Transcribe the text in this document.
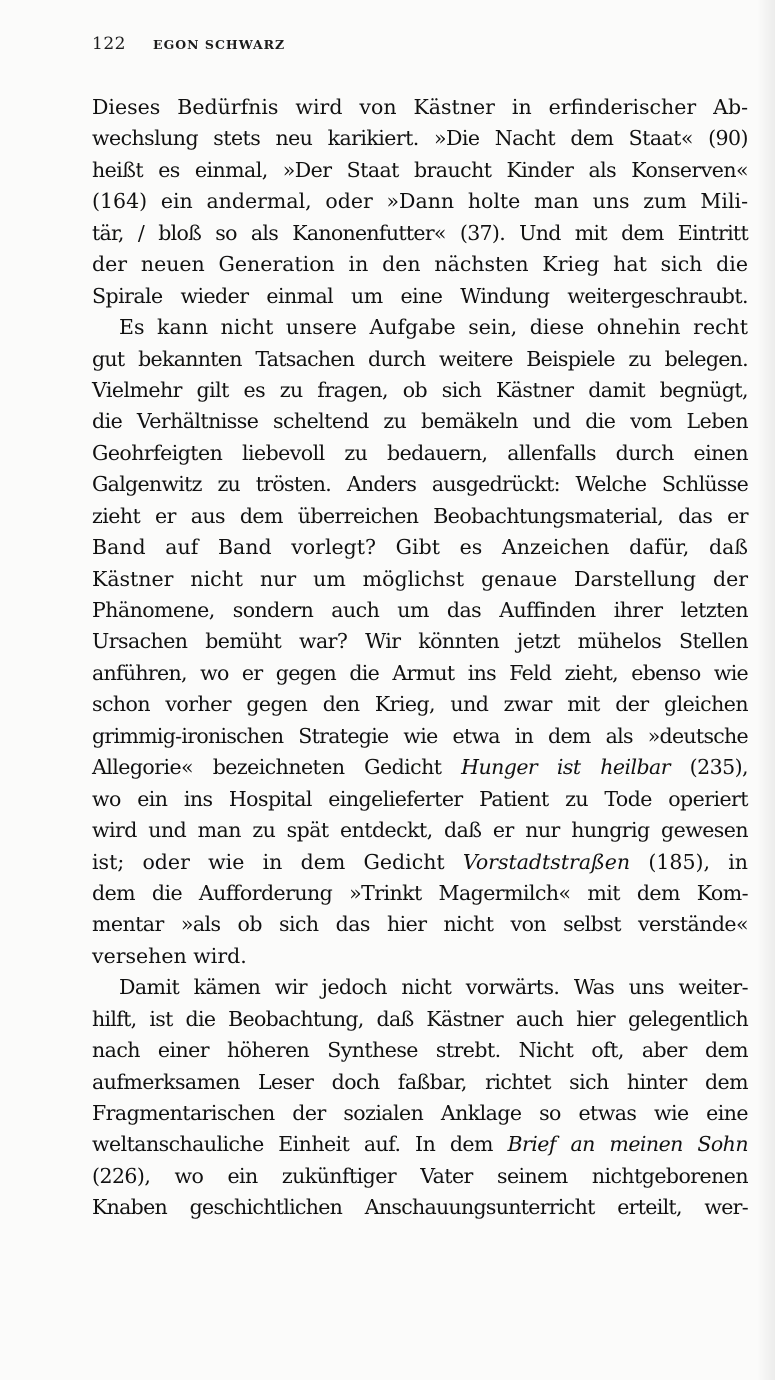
122 EGON SCHWARZ
Dieses Bedürfnis wird von Kästner in erfinderischer Ab-
wechslung stets neu karikiert. »Die Nacht dem Staat« (90)
heißt es einmal, »Der Staat braucht Kinder als Konserven«
(164) ein andermal, oder »Dann holte man uns zum Mili-
tär, / bloß so als Kanonenfutter« (37). Und mit dem Eintritt
der neuen Generation in den nächsten Krieg hat sich die
Spirale wieder einmal um eine Windung weitergeschraubt.
Es kann nicht unsere Aufgabe sein, diese ohnehin recht
gut bekannten Tatsachen durch weitere Beispiele zu belegen.
Vielmehr gilt es zu fragen, ob sich Kästner damit begnügt,
die Verhältnisse scheltend zu bemäkeln und die vom Leben
Geohrfeigten liebevoll zu bedauern, allenfalls durch einen
Galgenwitz zu trösten. Anders ausgedrückt: Welche Schlüsse
zieht er aus dem überreichen Beobachtungsmaterial, das er
Band auf Band vorlegt? Gibt es Anzeichen dafür, daß
Kästner nicht nur um möglichst genaue Darstellung der
Phänomene, sondern auch um das Auffinden ihrer letzten
Ursachen bemüht war? Wir könnten jetzt mühelos Stellen
anführen, wo er gegen die Armut ins Feld zieht, ebenso wie
schon vorher gegen den Krieg, und zwar mit der gleichen
grimmig-ironischen Strategie wie etwa in dem als »deutsche
Allegorie« bezeichneten Gedicht Hunger ist heilbar (235),
wo ein ins Hospital eingelieferter Patient zu Tode operiert
wird und man zu spät entdeckt, daß er nur hungrig gewesen
ist; oder wie in dem Gedicht Vorstadtstraßen (185), in
dem die Aufforderung »Trinkt Magermilch« mit dem Kom-
mentar »als ob sich das hier nicht von selbst verstände«
versehen wird.
Damit kämen wir jedoch nicht vorwärts. Was uns weiter-
hilft, ist die Beobachtung, daß Kästner auch hier gelegentlich
nach einer höheren Synthese strebt. Nicht oft, aber dem
aufmerksamen Leser doch faßbar, richtet sich hinter dem
Fragmentarischen der sozialen Anklage so etwas wie eine
weltanschauliche Einheit auf. In dem Brief an meinen Sohn
(226), wo ein zukünftiger Vater seinem nichtgeborenen
Knaben geschichtlichen Anschauungsunterricht erteilt, wer-
